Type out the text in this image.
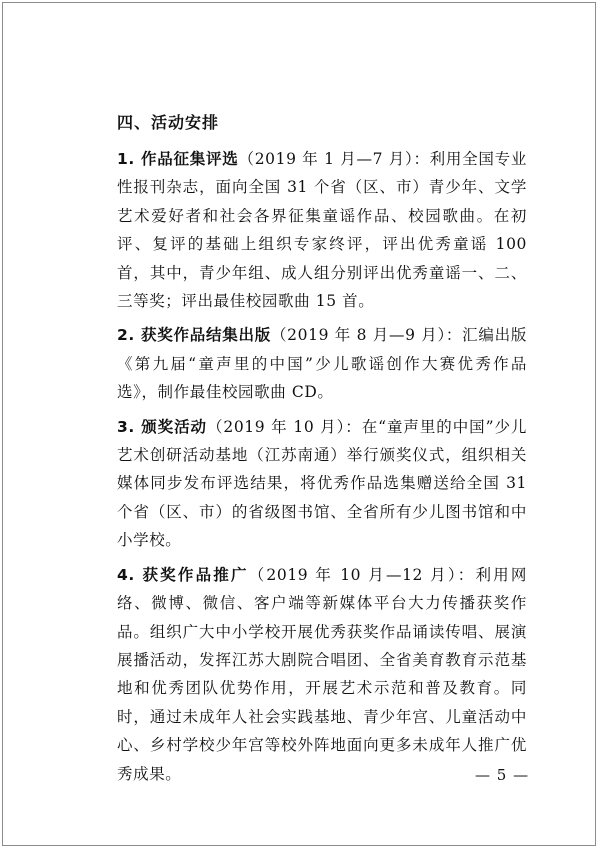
四、活动安排

1. 作品征集评选（2019 年 1 月—7 月）：利用全国专业性报刊杂志，面向全国 31 个省（区、市）青少年、文学艺术爱好者和社会各界征集童谣作品、校园歌曲。在初评、复评的基础上组织专家终评，评出优秀童谣 100 首，其中，青少年组、成人组分别评出优秀童谣一、二、三等奖；评出最佳校园歌曲 15 首。

2. 获奖作品结集出版（2019 年 8 月—9 月）：汇编出版《第九届“童声里的中国”少儿歌谣创作大赛优秀作品选》，制作最佳校园歌曲 CD。

3. 颁奖活动（2019 年 10 月）：在“童声里的中国”少儿艺术创研活动基地（江苏南通）举行颁奖仪式，组织相关媒体同步发布评选结果，将优秀作品选集赠送给全国 31 个省（区、市）的省级图书馆、全省所有少儿图书馆和中小学校。

4. 获奖作品推广（2019 年 10 月—12 月）：利用网络、微博、微信、客户端等新媒体平台大力传播获奖作品。组织广大中小学校开展优秀获奖作品诵读传唱、展演展播活动，发挥江苏大剧院合唱团、全省美育教育示范基地和优秀团队优势作用，开展艺术示范和普及教育。同时，通过未成年人社会实践基地、青少年宫、儿童活动中心、乡村学校少年宫等校外阵地面向更多未成年人推广优秀成果。	— 5 —
